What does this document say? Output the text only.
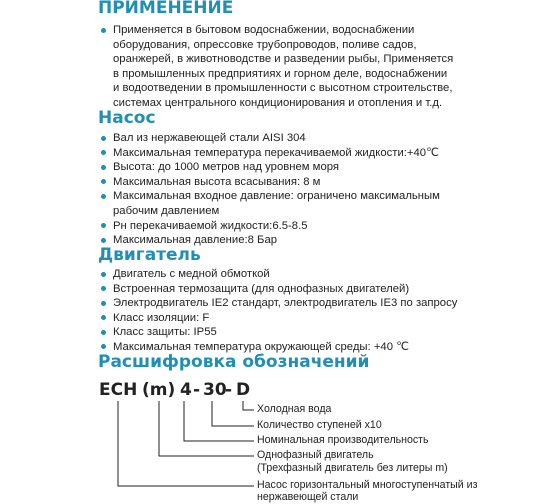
ПРИМЕНЕНИЕ
Применяется в бытовом водоснабжении, водоснабжении
оборудования, опрессовке трубопроводов, поливе садов,
оранжерей, в животноводстве и разведении рыбы, Применяется
в промышленных предприятиях и горном деле, водоснабжении
и водоотведении в промышленности с высотном строительстве,
системах центрального кондиционирования и отопления и т.д.
Насос
Вал из нержавеющей стали AISI 304
Максимальная температура перекачиваемой жидкости:+40℃
Высота: до 1000 метров над уровнем моря
Максимальная высота всасывания: 8 м
Максимальная входное давление: ограничено максимальным
рабочим давлением
Рн перекачиваемой жидкости:6.5-8.5
Максимальная давление:8 Бар
Двигатель
Двигатель с медной обмоткой
Встроенная термозащита (для однофазных двигателей)
Электродвигатель IE2 стандарт, электродвигатель IE3 по запросу
Класс изоляции: F
Класс защиты: IP55
Максимальная температура окружающей среды: +40 ℃
Расшифровка обозначений
ECH (m) 4 - 30
- D
Холодная вода
Количество ступеней x10
Номинальная производительность
Однофазный двигатель
(Трехфазный двигатель без литеры m)
Насос горизонтальный многоступенчатый из
нержавеющей стали
